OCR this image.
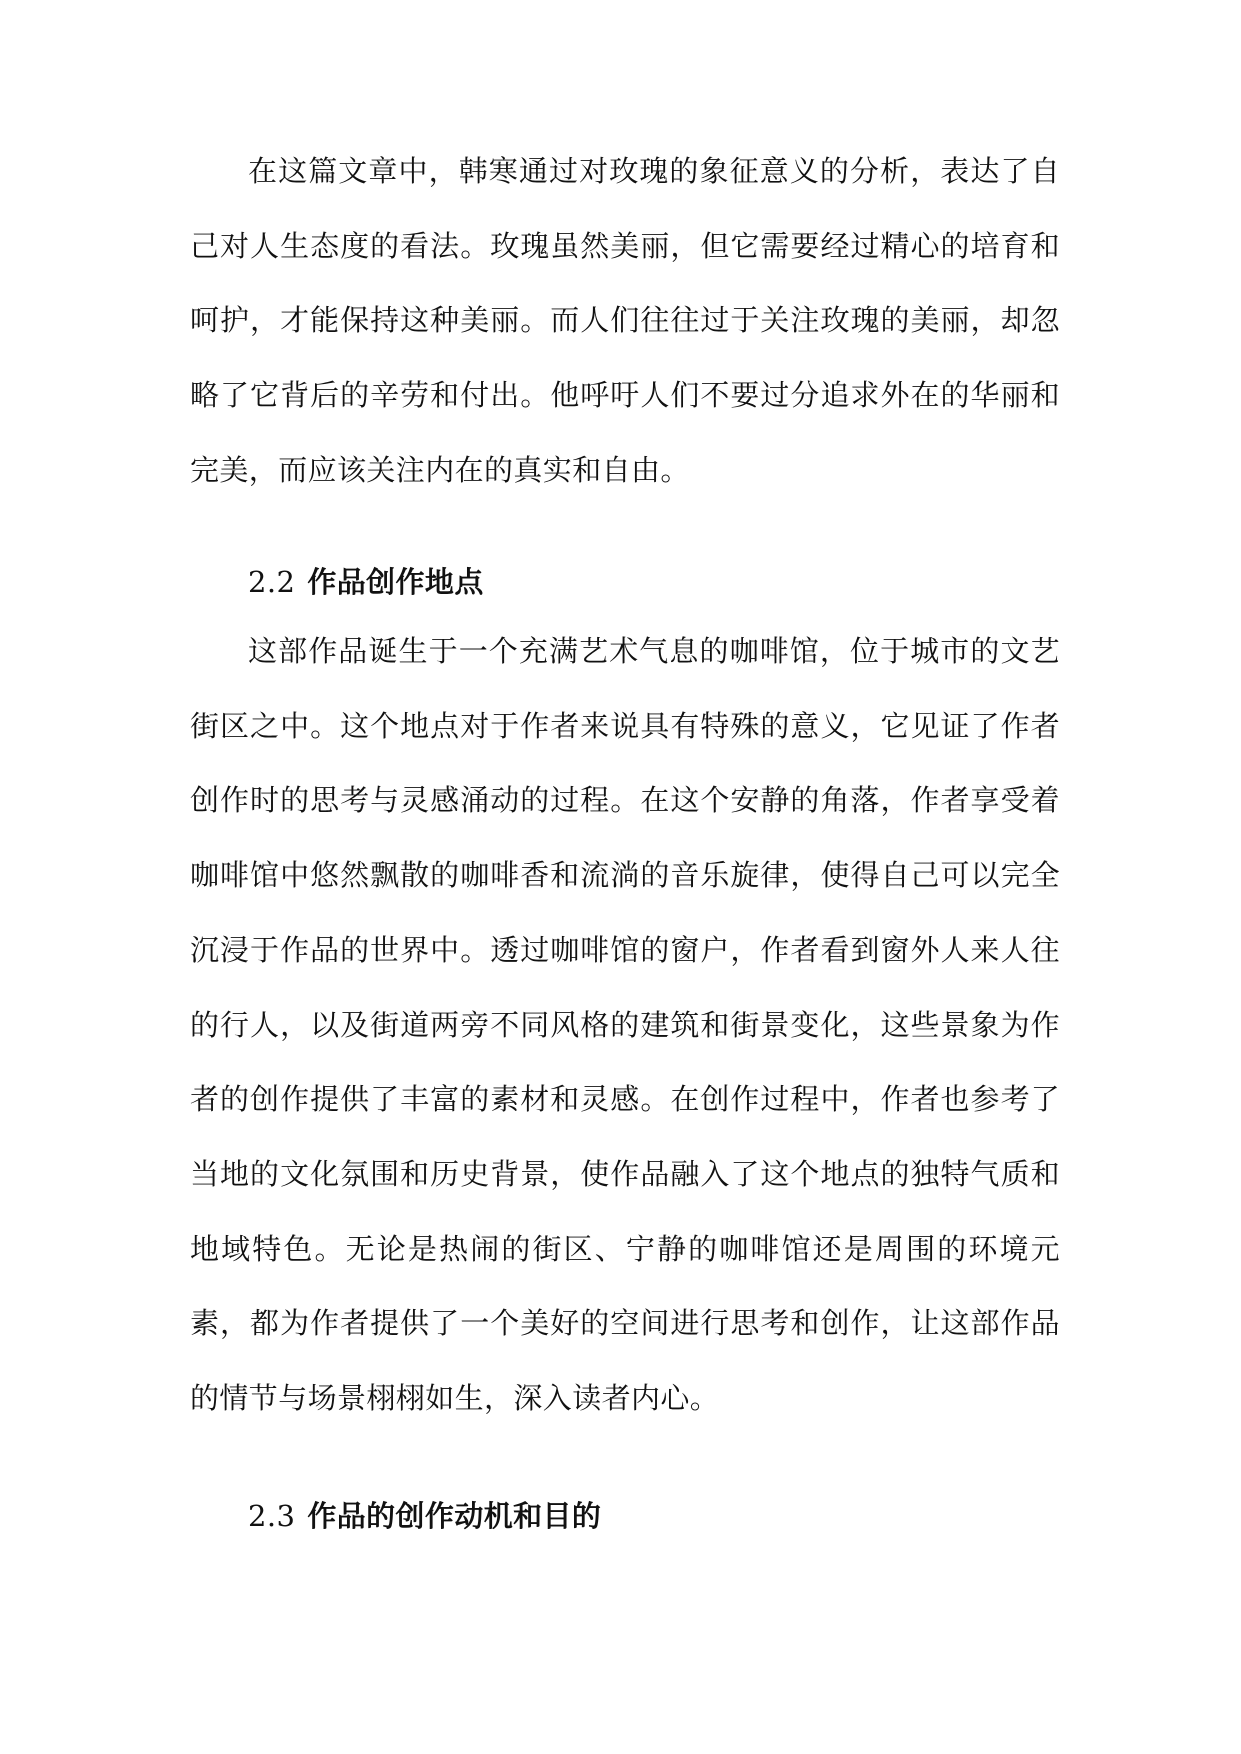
在这篇文章中，韩寒通过对玫瑰的象征意义的分析，表达了自己对人生态度的看法。玫瑰虽然美丽，但它需要经过精心的培育和呵护，才能保持这种美丽。而人们往往过于关注玫瑰的美丽，却忽略了它背后的辛劳和付出。他呼吁人们不要过分追求外在的华丽和完美，而应该关注内在的真实和自由。

2.2 作品创作地点

这部作品诞生于一个充满艺术气息的咖啡馆，位于城市的文艺街区之中。这个地点对于作者来说具有特殊的意义，它见证了作者创作时的思考与灵感涌动的过程。在这个安静的角落，作者享受着咖啡馆中悠然飘散的咖啡香和流淌的音乐旋律，使得自己可以完全沉浸于作品的世界中。透过咖啡馆的窗户，作者看到窗外人来人往的行人，以及街道两旁不同风格的建筑和街景变化，这些景象为作者的创作提供了丰富的素材和灵感。在创作过程中，作者也参考了当地的文化氛围和历史背景，使作品融入了这个地点的独特气质和地域特色。无论是热闹的街区、宁静的咖啡馆还是周围的环境元素，都为作者提供了一个美好的空间进行思考和创作，让这部作品的情节与场景栩栩如生，深入读者内心。

2.3 作品的创作动机和目的
